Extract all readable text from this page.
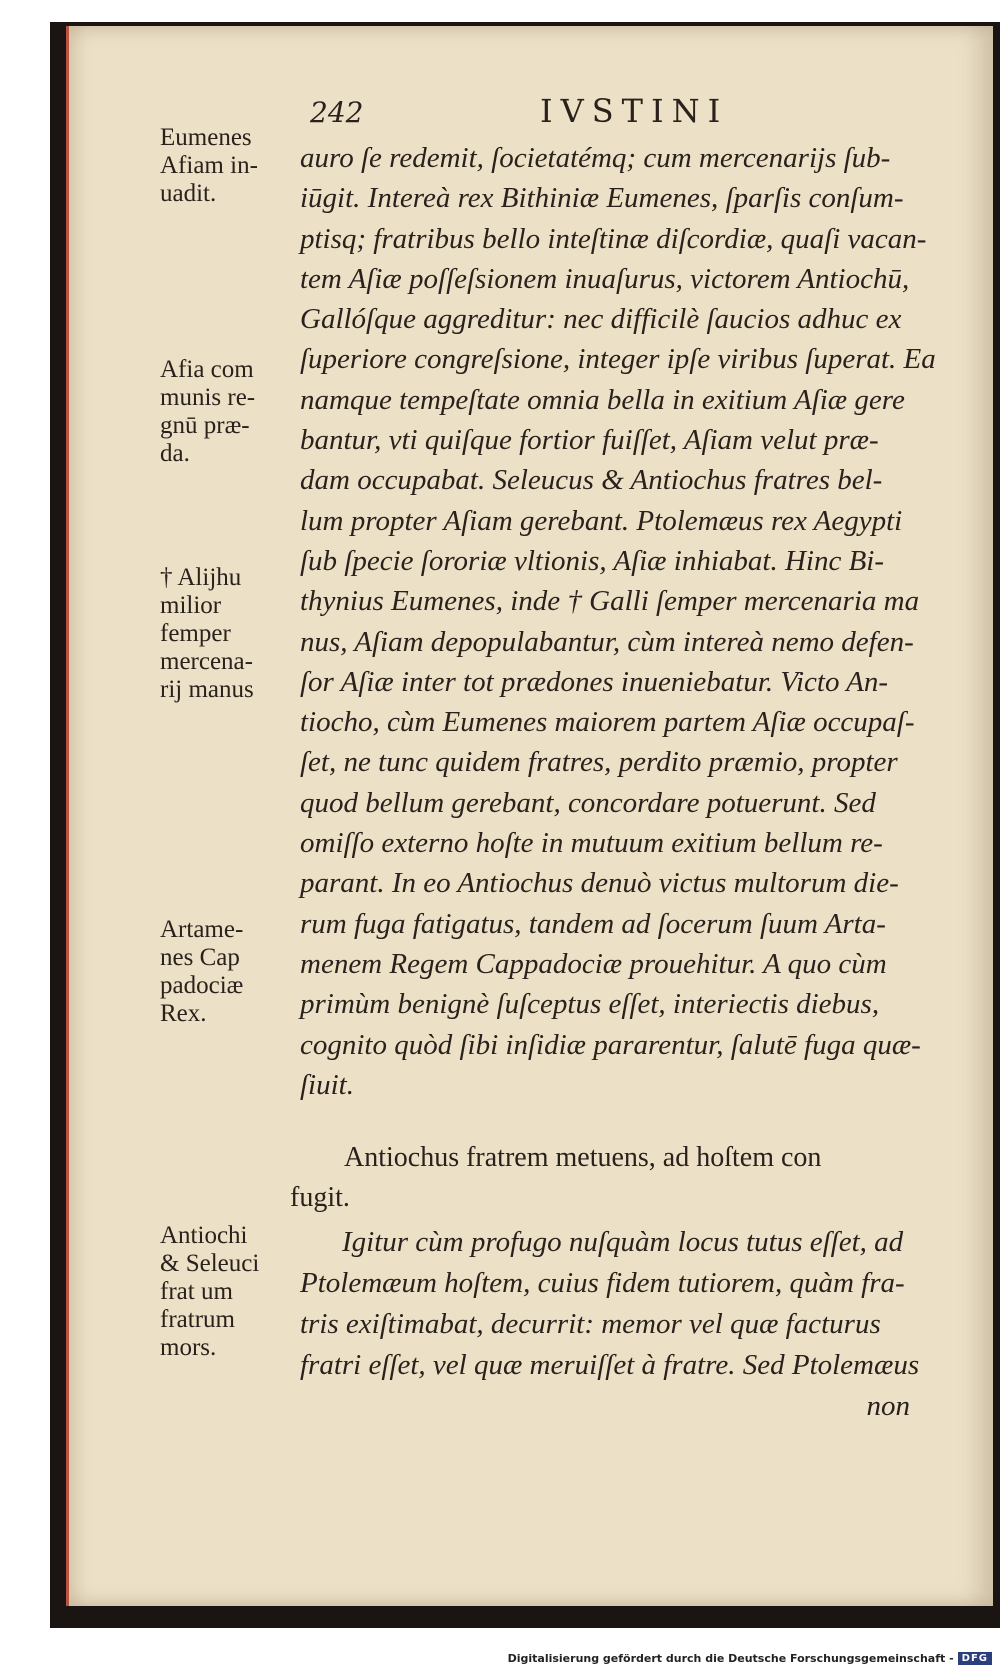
242	IVSTINI
Eumenes
Afiam in-
uadit.
Afia com
munis re-
gnū præ-
da.
† Alijhu
milior
femper
mercena-
rij manus
Artame-
nes Cap
padociæ
Rex.
Antiochi
& Seleuci
frat um
fratrum
mors.
auro ſe redemit, ſocietatémq; cum mercenarijs ſub-
iūgit. Intereà rex Bithiniæ Eumenes, ſparſis conſum-
ptisq; fratribus bello inteſtinæ diſcordiæ, quaſi vacan-
tem Aſiæ poſſeſsionem inuaſurus, victorem Antiochū,
Gallóſque aggreditur: nec difficilè ſaucios adhuc ex
ſuperiore congreſsione, integer ipſe viribus ſuperat. Ea
namque tempeſtate omnia bella in exitium Aſiæ gere
bantur, vti quiſque fortior fuiſſet, Aſiam velut præ-
dam occupabat. Seleucus & Antiochus fratres bel-
lum propter Aſiam gerebant. Ptolemæus rex Aegypti
ſub ſpecie ſororiæ vltionis, Aſiæ inhiabat. Hinc Bi-
thynius Eumenes, inde † Galli ſemper mercenaria ma
nus, Aſiam depopulabantur, cùm intereà nemo defen-
ſor Aſiæ inter tot prædones inueniebatur. Victo An-
tiocho, cùm Eumenes maiorem partem Aſiæ occupaſ-
ſet, ne tunc quidem fratres, perdito præmio, propter
quod bellum gerebant, concordare potuerunt. Sed
omiſſo externo hoſte in mutuum exitium bellum re-
parant. In eo Antiochus denuò victus multorum die-
rum fuga fatigatus, tandem ad ſocerum ſuum Arta-
menem Regem Cappadociæ prouehitur. A quo cùm
primùm benignè ſuſceptus eſſet, interiectis diebus,
cognito quòd ſibi inſidiæ pararentur, ſalutē fuga quæ-
ſiuit.
Antiochus fratrem metuens, ad hoſtem con
fugit.
Igitur cùm profugo nuſquàm locus tutus eſſet, ad
Ptolemæum hoſtem, cuius fidem tutiorem, quàm fra-
tris exiſtimabat, decurrit: memor vel quæ facturus
fratri eſſet, vel quæ meruiſſet à fratre. Sed Ptolemæus
non
Digitalisierung gefördert durch die Deutsche Forschungsgemeinschaft - DFG
